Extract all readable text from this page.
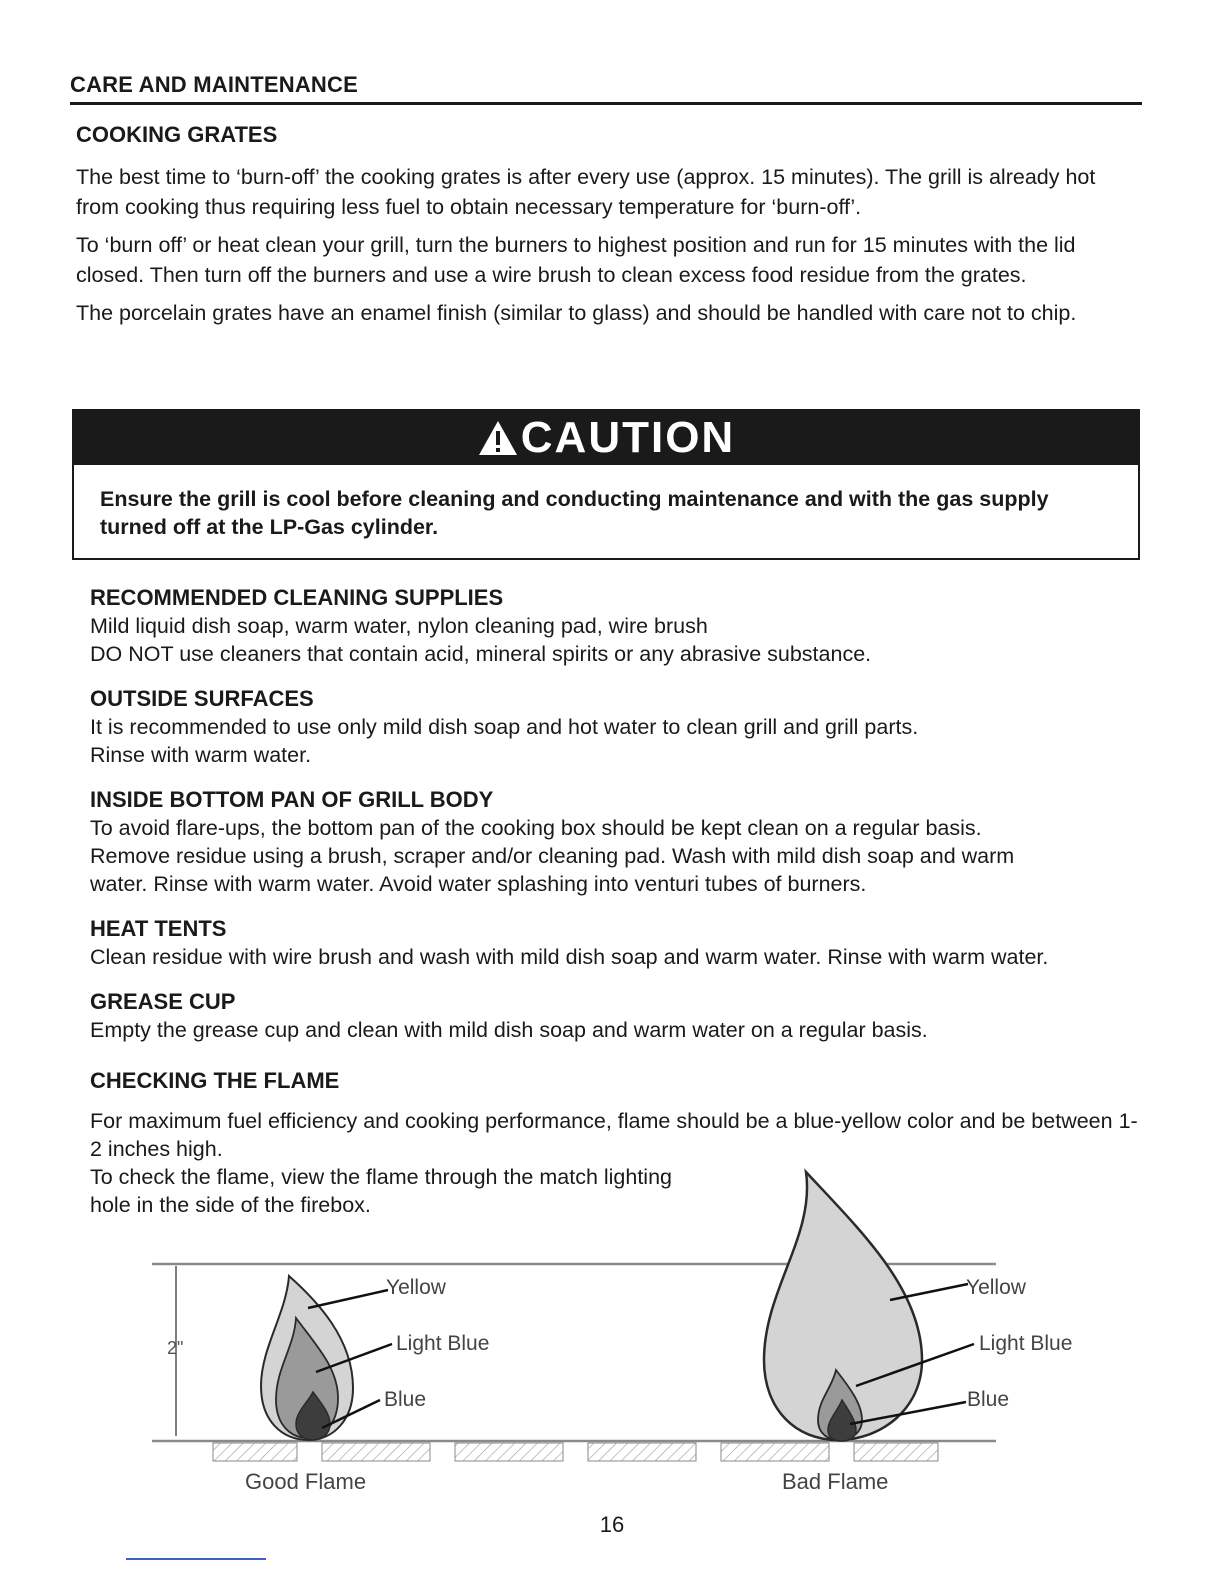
CARE AND MAINTENANCE
COOKING GRATES

The best time to ‘burn-off’ the cooking grates is after every use (approx. 15 minutes). The grill is already hot from cooking thus requiring less fuel to obtain necessary temperature for ‘burn-off’.

To ‘burn off’ or heat clean your grill, turn the burners to highest position and run for 15 minutes with the lid closed. Then turn off the burners and use a wire brush to clean excess food residue from the grates.

The porcelain grates have an enamel finish (similar to glass) and should be handled with care not to chip.

CAUTION
Ensure the grill is cool before cleaning and conducting maintenance and with the gas supply turned off at the LP-Gas cylinder.
RECOMMENDED CLEANING SUPPLIES
Mild liquid dish soap, warm water, nylon cleaning pad, wire brush
DO NOT use cleaners that contain acid, mineral spirits or any abrasive substance.
OUTSIDE SURFACES
It is recommended to use only mild dish soap and hot water to clean grill and grill parts.
Rinse with warm water.
INSIDE BOTTOM PAN OF GRILL BODY
To avoid flare-ups, the bottom pan of the cooking box should be kept clean on a regular basis.
Remove residue using a brush, scraper and/or cleaning pad. Wash with mild dish soap and warm
water. Rinse with warm water. Avoid water splashing into venturi tubes of burners.
HEAT TENTS
Clean residue with wire brush and wash with mild dish soap and warm water. Rinse with warm water.
GREASE CUP
Empty the grease cup and clean with mild dish soap and warm water on a regular basis.
CHECKING THE FLAME
For maximum fuel efficiency and cooking performance, flame should be a blue-yellow color and be between 1- 2 inches high.
To check the flame, view the flame through the match lighting hole in the side of the firebox.
2"
Yellow
Light Blue
Blue
Good Flame
Yellow
Light Blue
Blue
Bad Flame
16
